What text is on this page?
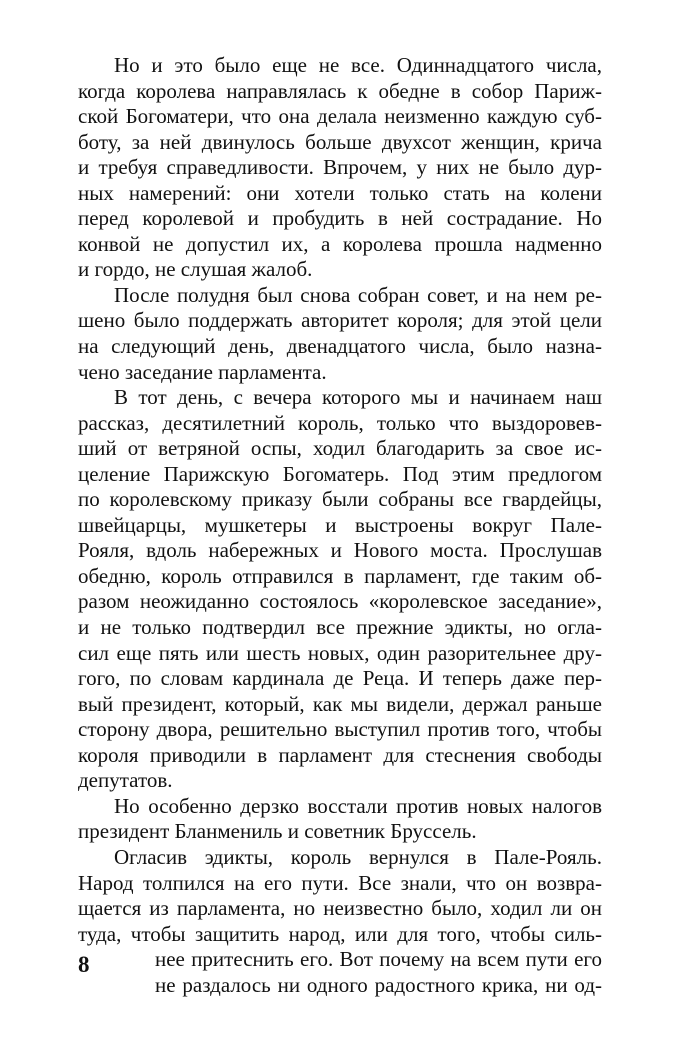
Но и это было еще не все. Одиннадцатого числа,
когда королева направлялась к обедне в собор Париж-
ской Богоматери, что она делала неизменно каждую суб-
боту, за ней двинулось больше двухсот женщин, крича
и требуя справедливости. Впрочем, у них не было дур-
ных намерений: они хотели только стать на колени
перед королевой и пробудить в ней сострадание. Но
конвой не допустил их, а королева прошла надменно
и гордо, не слушая жалоб.
После полудня был снова собран совет, и на нем ре-
шено было поддержать авторитет короля; для этой цели
на следующий день, двенадцатого числа, было назна-
чено заседание парламента.
В тот день, с вечера которого мы и начинаем наш
рассказ, десятилетний король, только что выздоровев-
ший от ветряной оспы, ходил благодарить за свое ис-
целение Парижскую Богоматерь. Под этим предлогом
по королевскому приказу были собраны все гвардейцы,
швейцарцы, мушкетеры и выстроены вокруг Пале-
Рояля, вдоль набережных и Нового моста. Прослушав
обедню, король отправился в парламент, где таким об-
разом неожиданно состоялось «королевское заседание»,
и не только подтвердил все прежние эдикты, но огла-
сил еще пять или шесть новых, один разорительнее дру-
гого, по словам кардинала де Реца. И теперь даже пер-
вый президент, который, как мы видели, держал раньше
сторону двора, решительно выступил против того, чтобы
короля приводили в парламент для стеснения свободы
депутатов.
Но особенно дерзко восстали против новых налогов
президент Бланмениль и советник Бруссель.
Огласив эдикты, король вернулся в Пале-Рояль.
Народ толпился на его пути. Все знали, что он возвра-
щается из парламента, но неизвестно было, ходил ли он
туда, чтобы защитить народ, или для того, чтобы силь-
нее притеснить его. Вот почему на всем пути его
не раздалось ни одного радостного крика, ни од-
8
